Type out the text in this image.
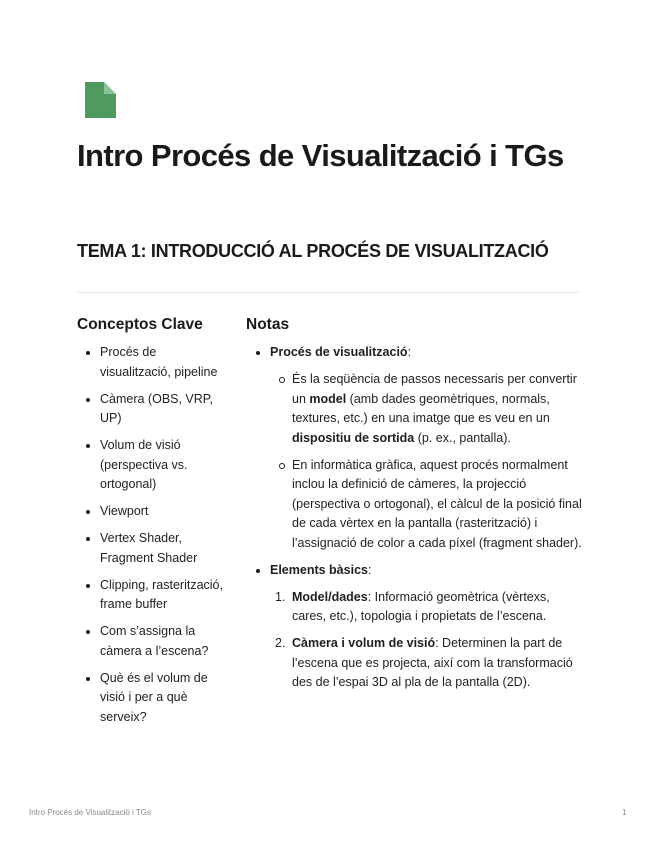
Intro Procés de Visualització i TGs
TEMA 1: INTRODUCCIÓ AL PROCÉS DE VISUALITZACIÓ
Conceptos Clave	Notas
Procés de visualització, pipeline
Càmera (OBS, VRP, UP)
Volum de visió (perspectiva vs. ortogonal)
Viewport
Vertex Shader, Fragment Shader
Clipping, rasterització, frame buffer
Com s’assigna la càmera a l’escena?
Què és el volum de visió i per a què serveix?
Procés de visualització:
És la seqüència de passos necessaris per convertir un model (amb dades geomètriques, normals, textures, etc.) en una imatge que es veu en un dispositiu de sortida (p. ex., pantalla).
En informàtica gràfica, aquest procés normalment inclou la definició de càmeres, la projecció (perspectiva o ortogonal), el càlcul de la posició final de cada vèrtex en la pantalla (rasterització) i l’assignació de color a cada píxel (fragment shader).
Elements bàsics:
1. Model/dades: Informació geomètrica (vèrtexs, cares, etc.), topologia i propietats de l’escena.
2. Càmera i volum de visió: Determinen la part de l’escena que es projecta, així com la transformació des de l’espai 3D al pla de la pantalla (2D).
Intro Procés de Visualització i TGs	1
